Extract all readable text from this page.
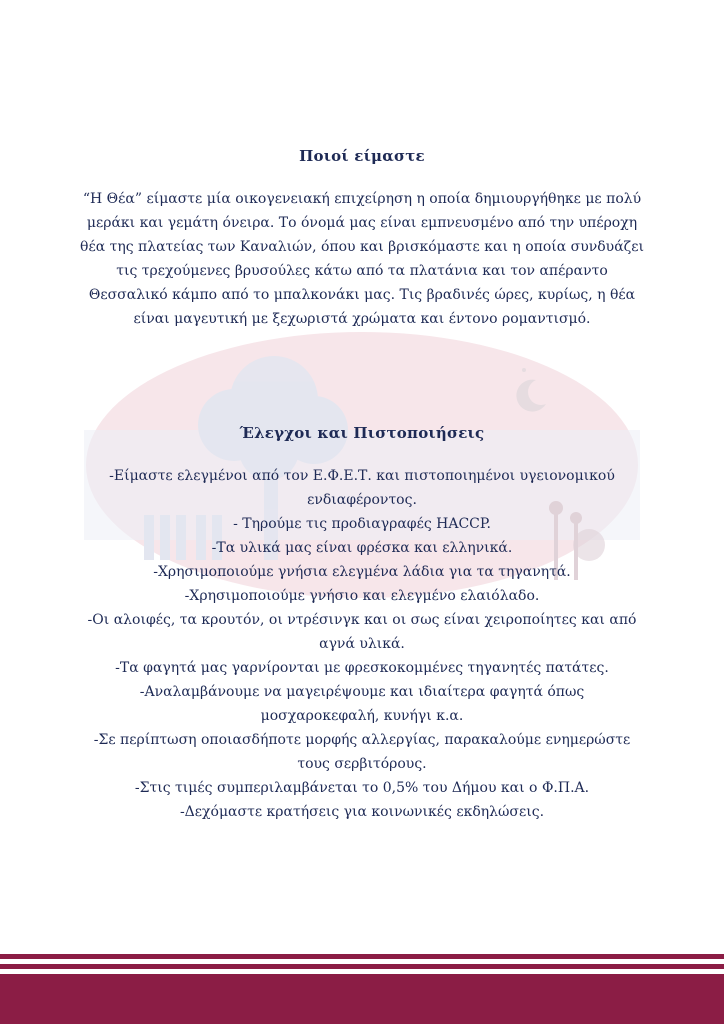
Ποιοί είμαστε

“Η Θέα” είμαστε μία οικογενειακή επιχείρηση η οποία δημιουργήθηκε με πολύ μεράκι και γεμάτη όνειρα. Το όνομά μας είναι εμπνευσμένο από την υπέροχη θέα της πλατείας των Καναλιών, όπου και βρισκόμαστε και η οποία συνδυάζει τις τρεχούμενες βρυσούλες κάτω από τα πλατάνια και τον απέραντο Θεσσαλικό κάμπο από το μπαλκονάκι μας. Τις βραδινές ώρες, κυρίως, η θέα είναι μαγευτική με ξεχωριστά χρώματα και έντονο ρομαντισμό.

Έλεγχοι και Πιστοποιήσεις
-Είμαστε ελεγμένοι από τον Ε.Φ.Ε.Τ. και πιστοποιημένοι υγειονομικού ενδιαφέροντος.
- Τηρούμε τις προδιαγραφές HACCP.
-Τα υλικά μας είναι φρέσκα και ελληνικά.
-Χρησιμοποιούμε γνήσια ελεγμένα λάδια για τα τηγανητά.
-Χρησιμοποιούμε γνήσιο και ελεγμένο ελαιόλαδο.
-Οι αλοιφές, τα κρουτόν, οι ντρέσινγκ και οι σως είναι χειροποίητες και από αγνά υλικά.
-Τα φαγητά μας γαρνίρονται με φρεσκοκομμένες τηγανητές πατάτες.
-Αναλαμβάνουμε να μαγειρέψουμε και ιδιαίτερα φαγητά όπως μοσχαροκεφαλή, κυνήγι κ.α.
-Σε περίπτωση οποιασδήποτε μορφής αλλεργίας, παρακαλούμε ενημερώστε τους σερβιτόρους.
-Στις τιμές συμπεριλαμβάνεται το 0,5% του Δήμου και ο Φ.Π.Α.
-Δεχόμαστε κρατήσεις για κοινωνικές εκδηλώσεις.
